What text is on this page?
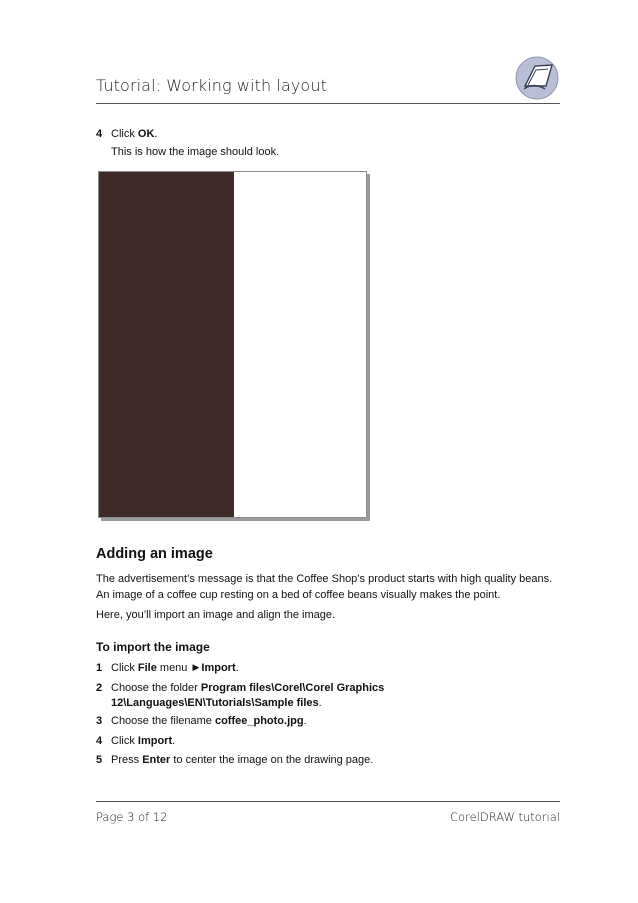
Tutorial: Working with layout
4 Click OK.
This is how the image should look.
Adding an image
The advertisement’s message is that the Coffee Shop’s product starts with high quality beans. An image of a coffee cup resting on a bed of coffee beans visually makes the point.
Here, you’ll import an image and align the image.
To import the image
1 Click File menu ▶ Import.
2 Choose the folder Program files\Corel\Corel Graphics 12\Languages\EN\Tutorials\Sample files.
3 Choose the filename coffee_photo.jpg.
4 Click Import.
5 Press Enter to center the image on the drawing page.
Page 3 of 12	CorelDRAW tutorial
